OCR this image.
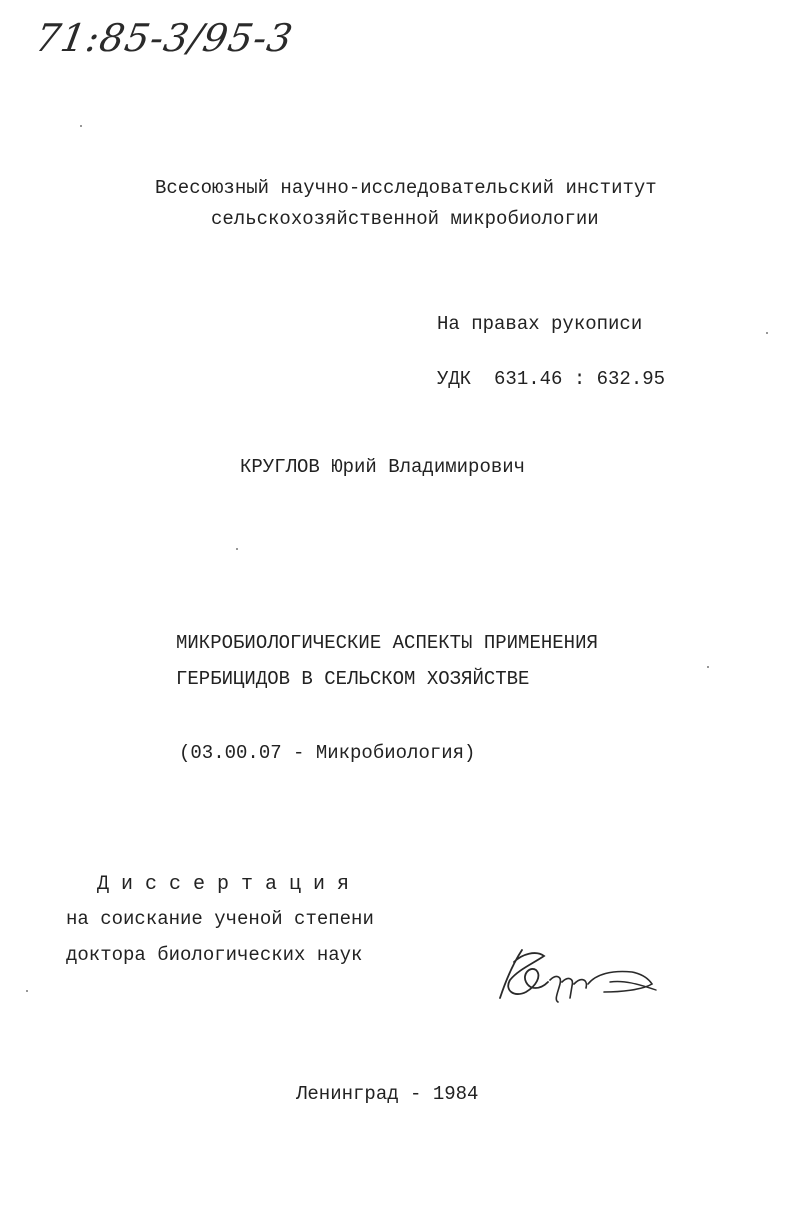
71:85-3/95-3
Всесоюзный научно-исследовательский институт
сельскохозяйственной микробиологии
На правах рукописи
УДК  631.46 : 632.95
КРУГЛОВ Юрий Владимирович
МИКРОБИОЛОГИЧЕСКИЕ АСПЕКТЫ ПРИМЕНЕНИЯ
ГЕРБИЦИДОВ В СЕЛЬСКОМ ХОЗЯЙСТВЕ
(03.00.07 - Микробиология)
Д и с с е р т а ц и я
на соискание ученой степени
доктора биологических наук
Ленинград - 1984
